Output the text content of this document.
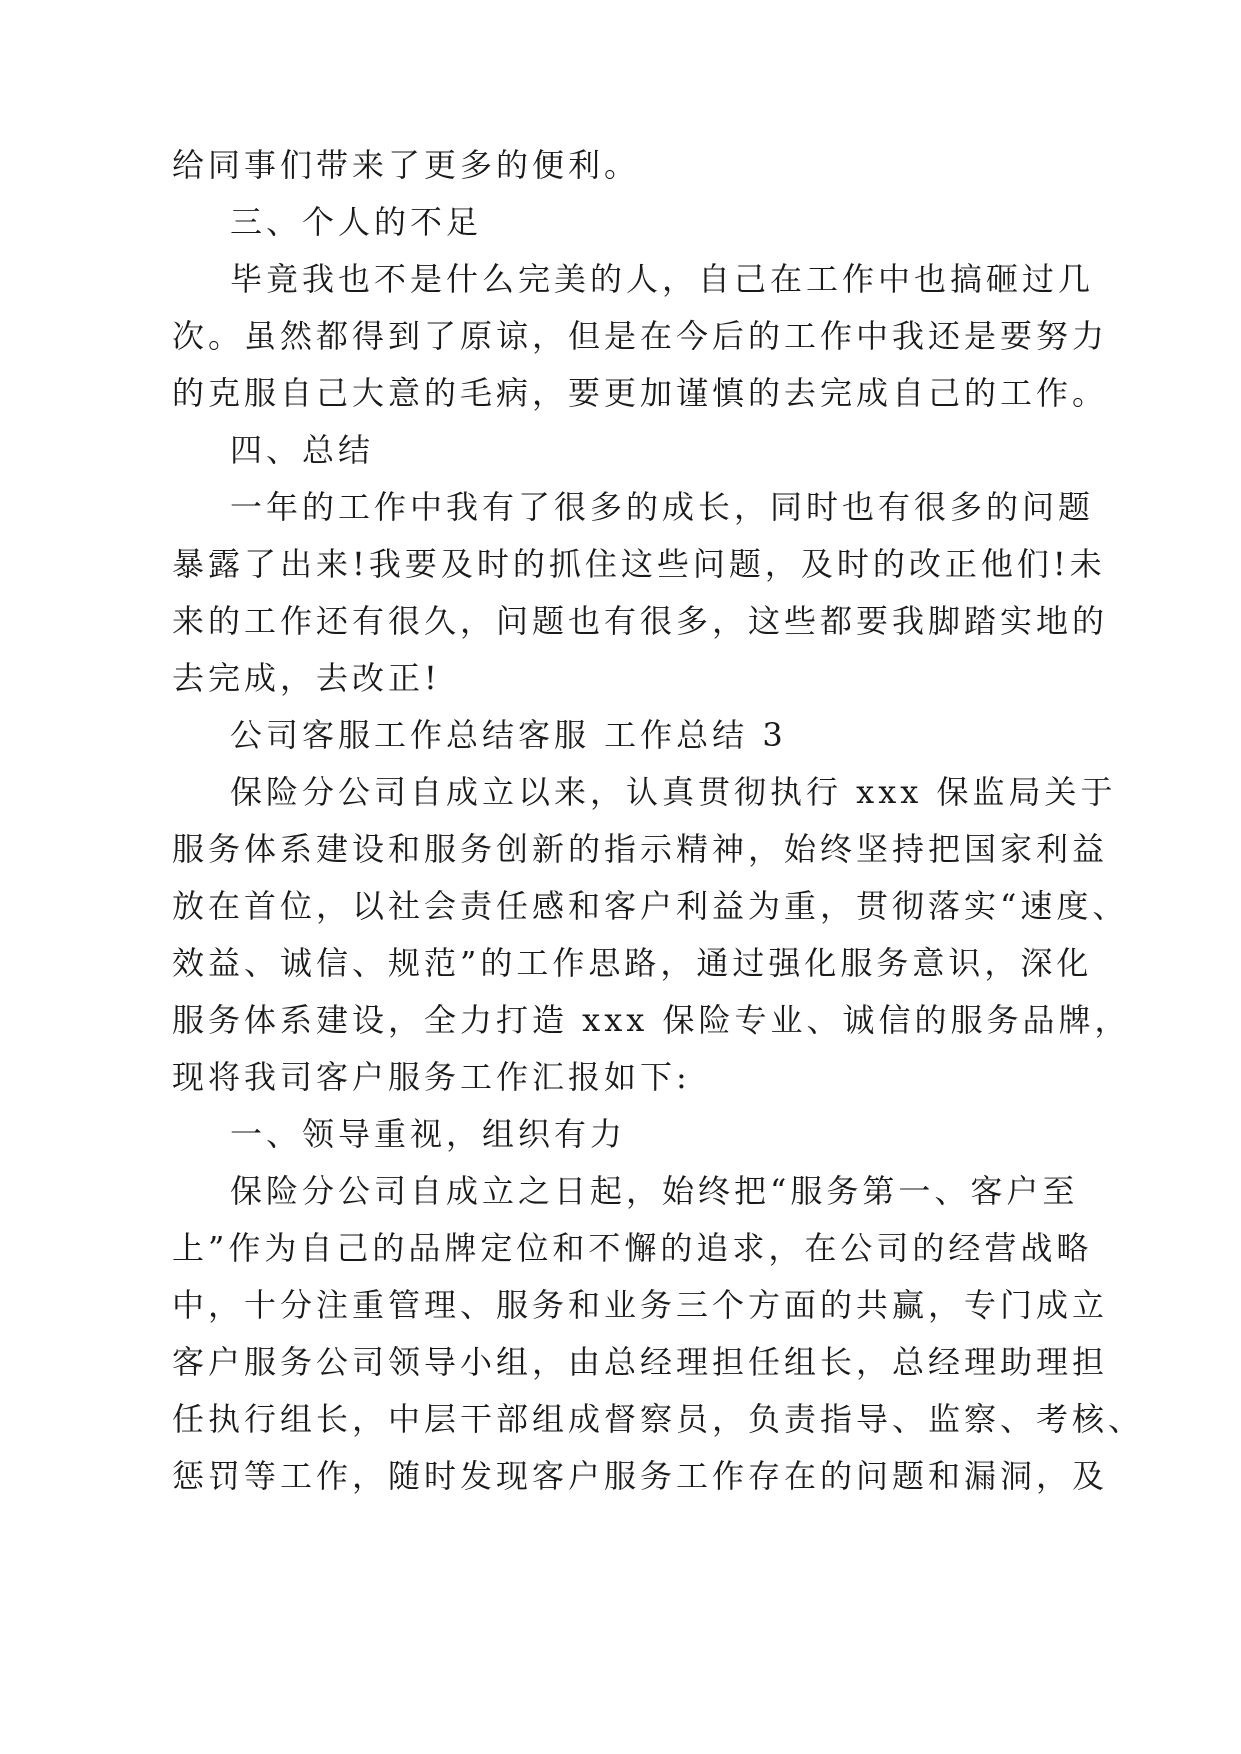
给同事们带来了更多的便利。
三、个人的不足
毕竟我也不是什么完美的人，自己在工作中也搞砸过几
次。虽然都得到了原谅，但是在今后的工作中我还是要努力
的克服自己大意的毛病，要更加谨慎的去完成自己的工作。
四、总结
一年的工作中我有了很多的成长，同时也有很多的问题
暴露了出来!我要及时的抓住这些问题，及时的改正他们!未
来的工作还有很久，问题也有很多，这些都要我脚踏实地的
去完成，去改正!
公司客服工作总结客服 工作总结 3
保险分公司自成立以来，认真贯彻执行 xxx 保监局关于
服务体系建设和服务创新的指示精神，始终坚持把国家利益
放在首位，以社会责任感和客户利益为重，贯彻落实“速度、
效益、诚信、规范”的工作思路，通过强化服务意识，深化
服务体系建设，全力打造 xxx 保险专业、诚信的服务品牌，
现将我司客户服务工作汇报如下:
一、领导重视，组织有力
保险分公司自成立之日起，始终把“服务第一、客户至
上”作为自己的品牌定位和不懈的追求，在公司的经营战略
中，十分注重管理、服务和业务三个方面的共赢，专门成立
客户服务公司领导小组，由总经理担任组长，总经理助理担
任执行组长，中层干部组成督察员，负责指导、监察、考核、
惩罚等工作，随时发现客户服务工作存在的问题和漏洞，及
